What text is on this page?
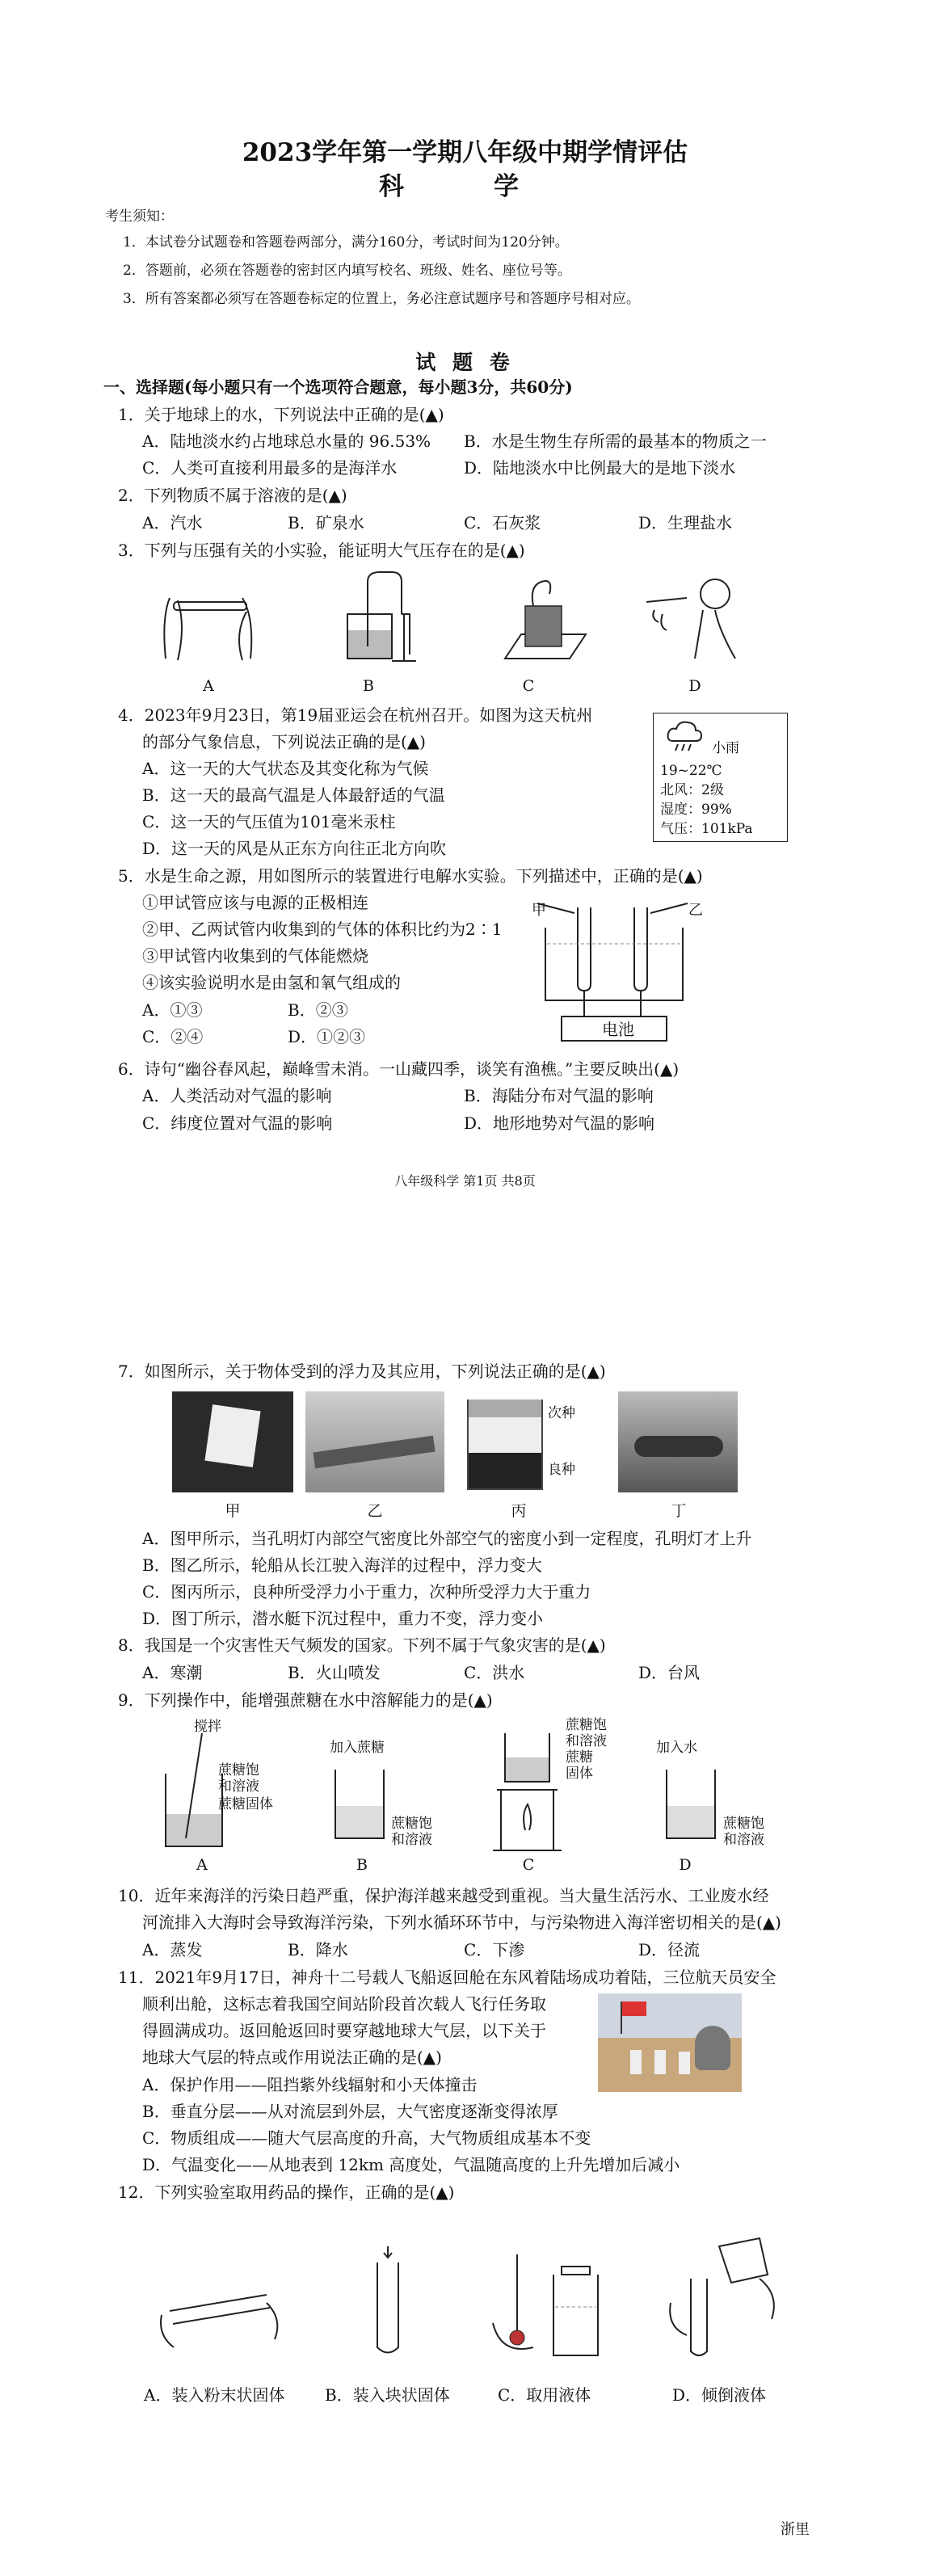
2023学年第一学期八年级中期学情评估
科　学
考生须知：
1．本试卷分试题卷和答题卷两部分，满分160分，考试时间为120分钟。
2．答题前，必须在答题卷的密封区内填写校名、班级、姓名、座位号等。
3．所有答案都必须写在答题卷标定的位置上，务必注意试题序号和答题序号相对应。
试 题 卷
一、选择题(每小题只有一个选项符合题意，每小题3分，共60分)
1．关于地球上的水，下列说法中正确的是(▲)
A．陆地淡水约占地球总水量的 96.53% B．水是生物生存所需的最基本的物质之一
C．人类可直接利用最多的是海洋水	D．陆地淡水中比例最大的是地下淡水
2．下列物质不属于溶液的是(▲)
A．汽水	B．矿泉水	C．石灰浆	D．生理盐水
3．下列与压强有关的小实验，能证明大气压存在的是(▲)
A	B	C	D
4．2023年9月23日，第19届亚运会在杭州召开。如图为这天杭州
的部分气象信息，下列说法正确的是(▲)
A．这一天的大气状态及其变化称为气候
B．这一天的最高气温是人体最舒适的气温
C．这一天的气压值为101毫米汞柱
D．这一天的风是从正东方向往正北方向吹
小雨
19~22℃
北风：2级
湿度：99%
气压：101kPa
5．水是生命之源，用如图所示的装置进行电解水实验。下列描述中，正确的是(▲)
①甲试管应该与电源的正极相连
②甲、乙两试管内收集到的气体的体积比约为2∶1
③甲试管内收集到的气体能燃烧
④该实验说明水是由氢和氧气组成的
A．①③	B．②③
C．②④	D．①②③
甲	乙
电池
6．诗句“幽谷春风起，巅峰雪未消。一山藏四季，谈笑有渔樵。”主要反映出(▲)
A．人类活动对气温的影响	B．海陆分布对气温的影响
C．纬度位置对气温的影响	D．地形地势对气温的影响
八年级科学 第1页 共8页
7．如图所示，关于物体受到的浮力及其应用，下列说法正确的是(▲)
次种
良种
甲	乙	丙	丁
A．图甲所示，当孔明灯内部空气密度比外部空气的密度小到一定程度，孔明灯才上升
B．图乙所示，轮船从长江驶入海洋的过程中，浮力变大
C．图丙所示，良种所受浮力小于重力，次种所受浮力大于重力
D．图丁所示，潜水艇下沉过程中，重力不变，浮力变小
8．我国是一个灾害性天气频发的国家。下列不属于气象灾害的是(▲)
A．寒潮	B．火山喷发	C．洪水	D．台风
9．下列操作中，能增强蔗糖在水中溶解能力的是(▲)
搅拌
蔗糖饱
和溶液
蔗糖固体
加入蔗糖
蔗糖饱
和溶液
蔗糖饱
和溶液
蔗糖
固体
加入水
蔗糖饱
和溶液
A	B	C	D
10．近年来海洋的污染日趋严重，保护海洋越来越受到重视。当大量生活污水、工业废水经
河流排入大海时会导致海洋污染，下列水循环环节中，与污染物进入海洋密切相关的是(▲)
A．蒸发	B．降水	C．下渗	D．径流
11．2021年9月17日，神舟十二号载人飞船返回舱在东风着陆场成功着陆，三位航天员安全
顺利出舱，这标志着我国空间站阶段首次载人飞行任务取
得圆满成功。返回舱返回时要穿越地球大气层，以下关于
地球大气层的特点或作用说法正确的是(▲)
A．保护作用——阻挡紫外线辐射和小天体撞击
B．垂直分层——从对流层到外层，大气密度逐渐变得浓厚
C．物质组成——随大气层高度的升高，大气物质组成基本不变
D．气温变化——从地表到 12km 高度处，气温随高度的上升先增加后减小
12．下列实验室取用药品的操作，正确的是(▲)
A．装入粉末状固体 B．装入块状固体	C．取用液体	D．倾倒液体
浙里
